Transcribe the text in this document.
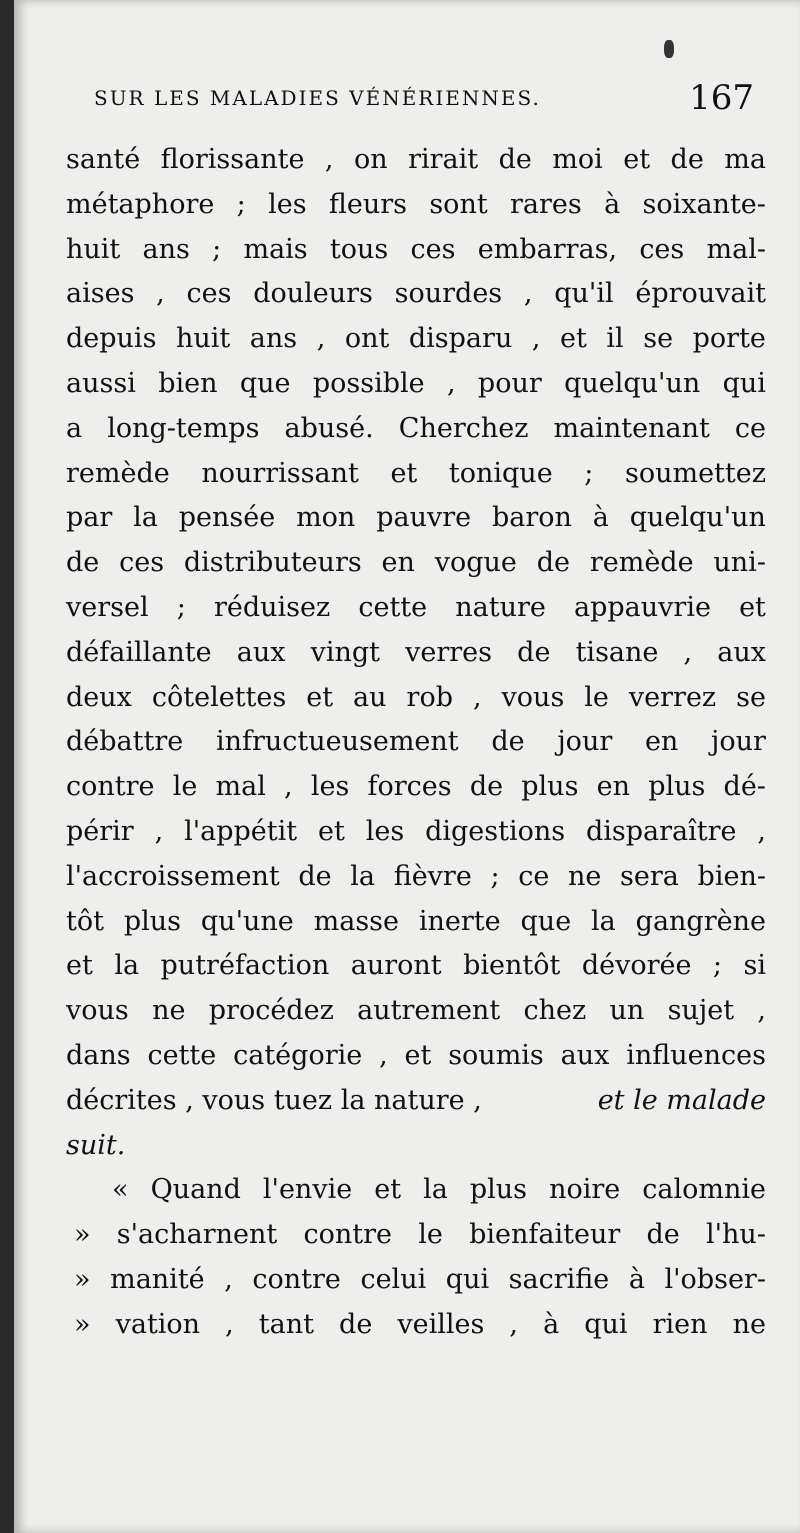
SUR LES MALADIES VÉNÉRIENNES.	167
santé florissante , on rirait de moi et de ma
métaphore ; les fleurs sont rares à soixante-
huit ans ; mais tous ces embarras, ces mal-
aises , ces douleurs sourdes , qu'il éprouvait
depuis huit ans , ont disparu , et il se porte
aussi bien que possible , pour quelqu'un qui
a long-temps abusé. Cherchez maintenant ce
remède nourrissant et tonique ; soumettez
par la pensée mon pauvre baron à quelqu'un
de ces distributeurs en vogue de remède uni-
versel ; réduisez cette nature appauvrie et
défaillante aux vingt verres de tisane , aux
deux côtelettes et au rob , vous le verrez se
débattre infructueusement de jour en jour
contre le mal , les forces de plus en plus dé-
périr , l'appétit et les digestions disparaître ,
l'accroissement de la fièvre ; ce ne sera bien-
tôt plus qu'une masse inerte que la gangrène
et la putréfaction auront bientôt dévorée ; si
vous ne procédez autrement chez un sujet ,
dans cette catégorie , et soumis aux influences
décrites , vous tuez la nature ,	et le malade
suit.
« Quand l'envie et la plus noire calomnie
» s'acharnent contre le bienfaiteur de l'hu-
» manité , contre celui qui sacrifie à l'obser-
» vation , tant de veilles , à qui rien ne
